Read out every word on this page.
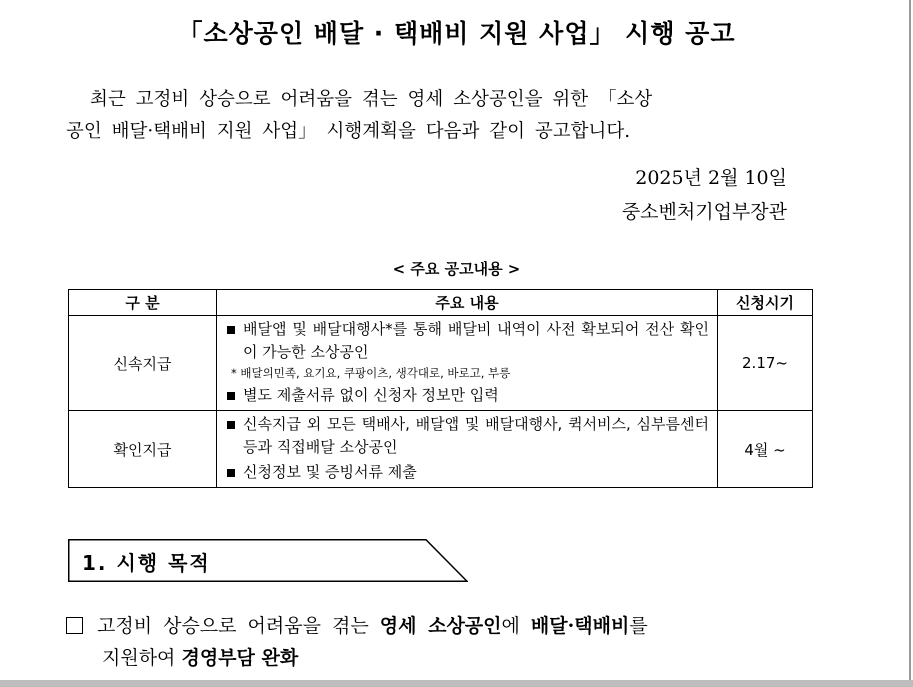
「소상공인 배달 · 택배비 지원 사업」 시행 공고
최근 고정비 상승으로 어려움을 겪는 영세 소상공인을 위한 「소상
공인 배달·택배비 지원 사업」 시행계획을 다음과 같이 공고합니다.
2025년 2월 10일
중소벤처기업부장관
< 주요 공고내용 >
구 분	주요 내용	신청시기
신속지급	배달앱 및 배달대행사*를 통해 배달비 내역이 사전 확보되어 전산 확인이 가능한 소상공인
* 배달의민족, 요기요, 쿠팡이츠, 생각대로, 바로고, 부릉
별도 제출서류 없이 신청자 정보만 입력	2.17~
확인지급	신속지급 외 모든 택배사, 배달앱 및 배달대행사, 퀵서비스, 심부름센터 등과 직접배달 소상공인
신청정보 및 증빙서류 제출	4월 ~
1. 시행 목적
고정비 상승으로 어려움을 겪는 영세 소상공인에 배달·택배비를
지원하여 경영부담 완화
